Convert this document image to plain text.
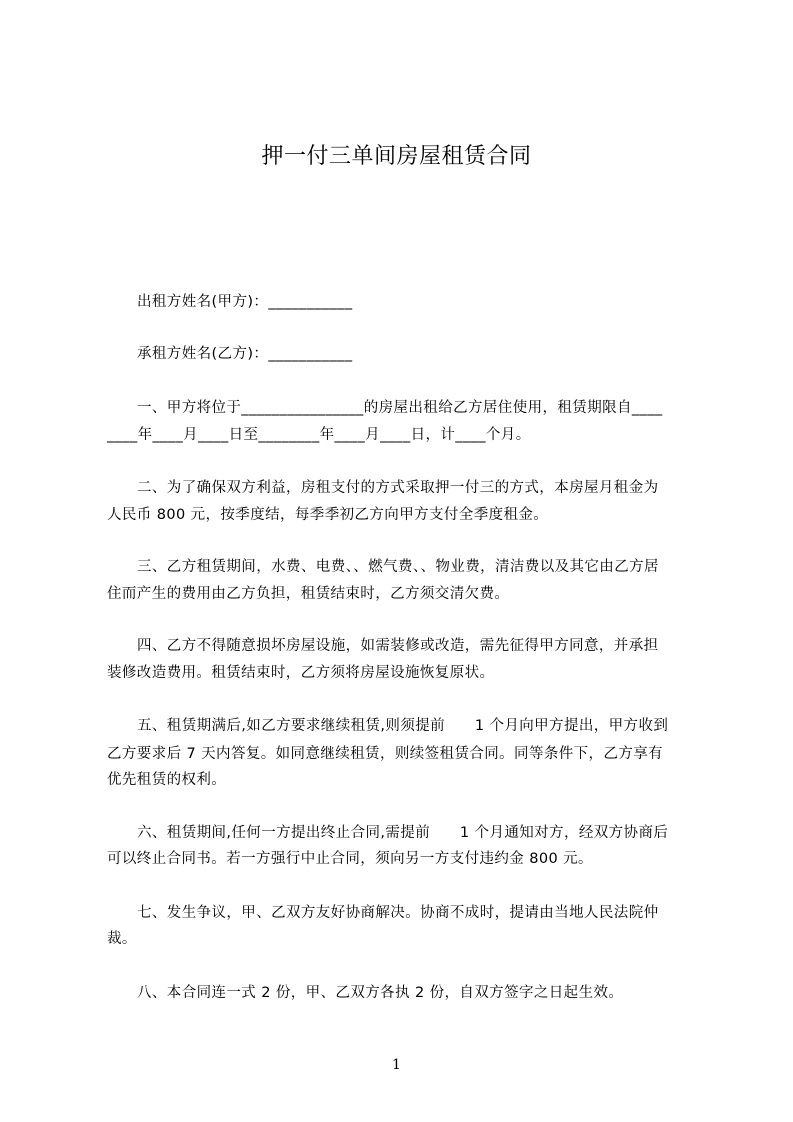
押一付三单间房屋租赁合同
出租方姓名(甲方)：___________
承租方姓名(乙方)：___________
一、甲方将位于________________的房屋出租给乙方居住使用，租赁期限自____
____年____月____日至________年____月____日，计____个月。
二、为了确保双方利益，房租支付的方式采取押一付三的方式，本房屋月租金为
人民币 800 元，按季度结，每季季初乙方向甲方支付全季度租金。
三、乙方租赁期间，水费、电费、、燃气费、、物业费，清洁费以及其它由乙方居
住而产生的费用由乙方负担，租赁结束时，乙方须交清欠费。
四、乙方不得随意损坏房屋设施，如需装修或改造，需先征得甲方同意，并承担
装修改造费用。租赁结束时，乙方须将房屋设施恢复原状。
五、租赁期满后,如乙方要求继续租赁,则须提前　　1 个月向甲方提出，甲方收到
乙方要求后 7 天内答复。如同意继续租赁，则续签租赁合同。同等条件下，乙方享有
优先租赁的权利。
六、租赁期间,任何一方提出终止合同,需提前　　1 个月通知对方，经双方协商后
可以终止合同书。若一方强行中止合同，须向另一方支付违约金 800 元。
七、发生争议，甲、乙双方友好协商解决。协商不成时，提请由当地人民法院仲
裁。
八、本合同连一式 2 份，甲、乙双方各执 2 份，自双方签字之日起生效。
1
